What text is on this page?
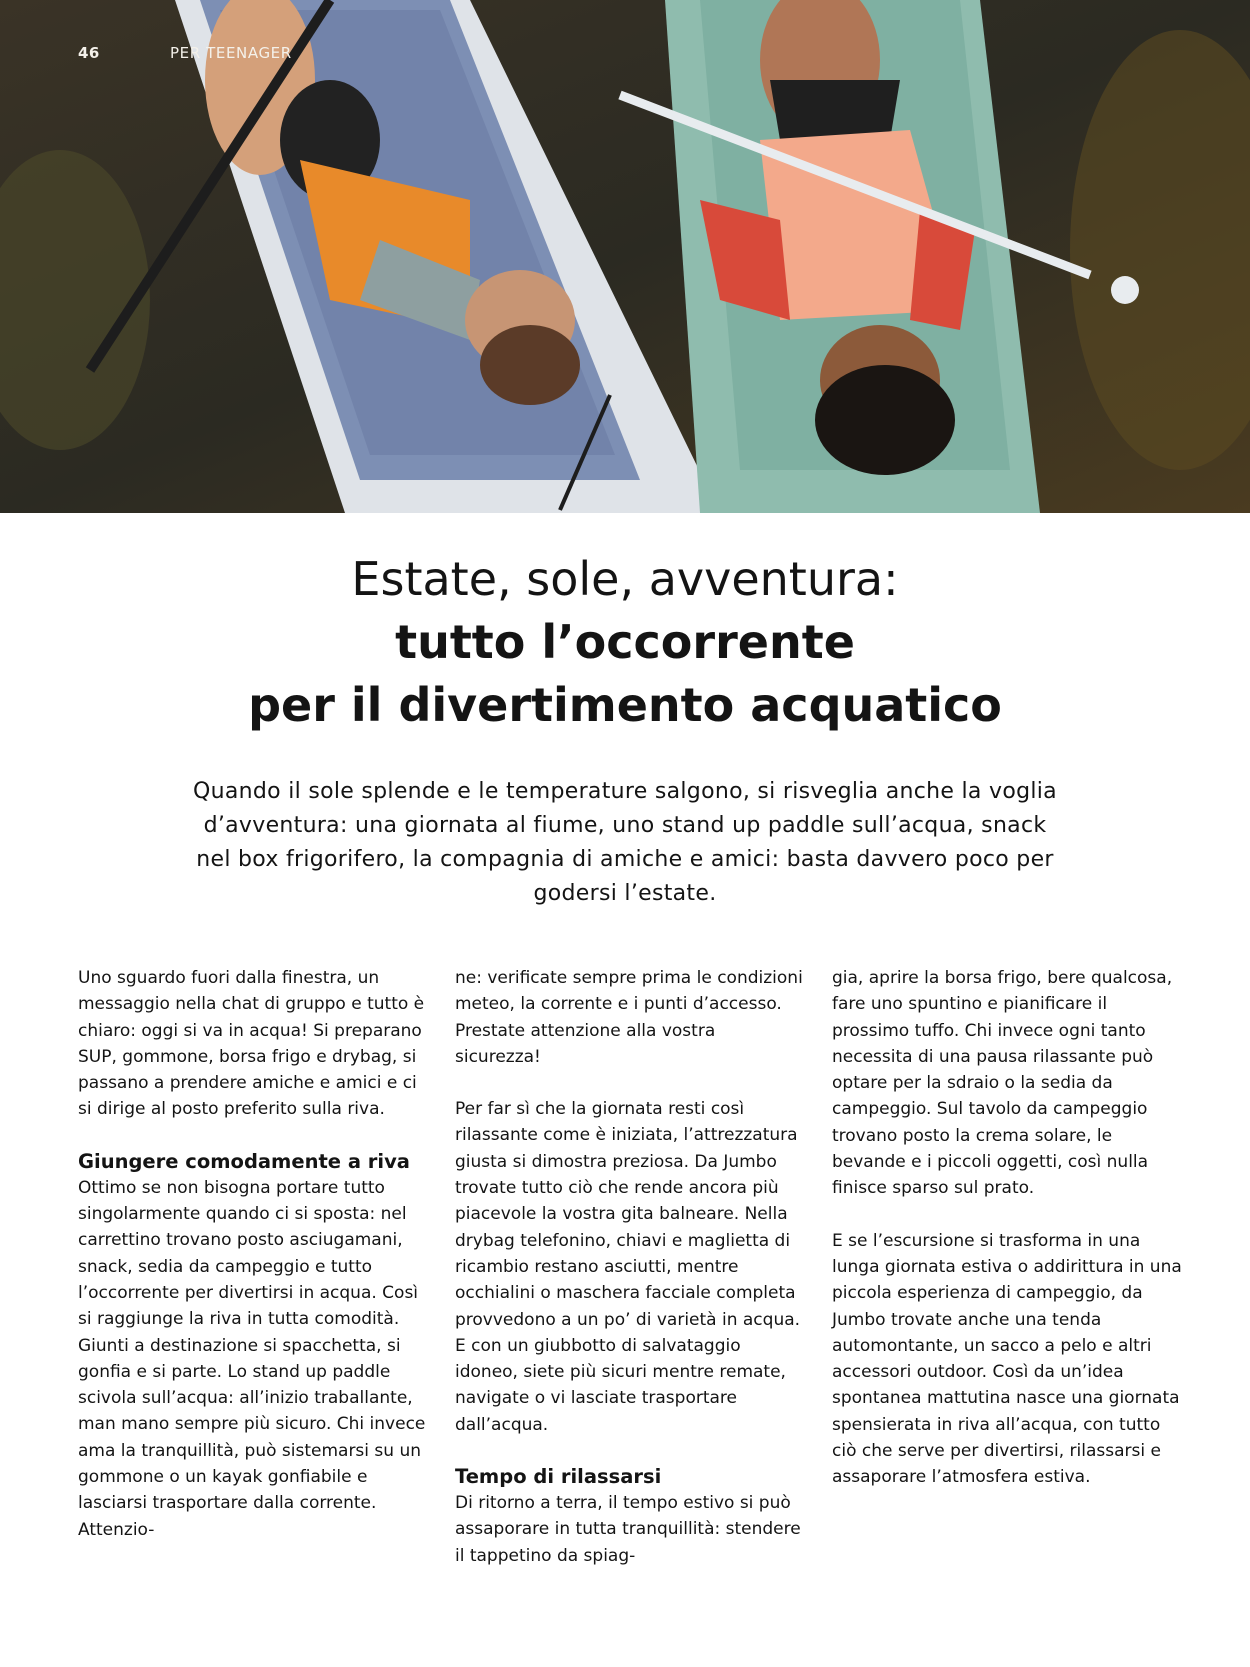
46	PER TEENAGER
Estate, sole, avventura:
tutto l’occorrente
per il divertimento acquatico
Quando il sole splende e le temperature salgono, si risveglia anche la voglia d’avventura: una giornata al fiume, uno stand up paddle sull’acqua, snack nel box frigorifero, la compagnia di amiche e amici: basta davvero poco per godersi l’estate.

Uno sguardo fuori dalla finestra, un messaggio nella chat di gruppo e tutto è chiaro: oggi si va in acqua! Si preparano SUP, gommone, borsa frigo e drybag, si passano a prendere amiche e amici e ci si dirige al posto preferito sulla riva.

Giungere comodamente a riva

Ottimo se non bisogna portare tutto singolarmente quando ci si sposta: nel carrettino trovano posto asciugamani, snack, sedia da campeggio e tutto l’occorrente per divertirsi in acqua. Così si raggiunge la riva in tutta comodità. Giunti a destinazione si spacchetta, si gonfia e si parte. Lo stand up paddle scivola sull’acqua: all’inizio traballante, man mano sempre più sicuro. Chi invece ama la tranquillità, può sistemarsi su un gommone o un kayak gonfiabile e lasciarsi trasportare dalla corrente. Attenzio-

ne: verificate sempre prima le condizioni meteo, la corrente e i punti d’accesso. Prestate attenzione alla vostra sicurezza!

Per far sì che la giornata resti così rilassante come è iniziata, l’attrezzatura giusta si dimostra preziosa. Da Jumbo trovate tutto ciò che rende ancora più piacevole la vostra gita balneare. Nella drybag telefonino, chiavi e maglietta di ricambio restano asciutti, mentre occhialini o maschera facciale completa provvedono a un po’ di varietà in acqua. E con un giubbotto di salvataggio idoneo, siete più sicuri mentre remate, navigate o vi lasciate trasportare dall’acqua.

Tempo di rilassarsi

Di ritorno a terra, il tempo estivo si può assaporare in tutta tranquillità: stendere il tappetino da spiag-

gia, aprire la borsa frigo, bere qualcosa, fare uno spuntino e pianificare il prossimo tuffo. Chi invece ogni tanto necessita di una pausa rilassante può optare per la sdraio o la sedia da campeggio. Sul tavolo da campeggio trovano posto la crema solare, le bevande e i piccoli oggetti, così nulla finisce sparso sul prato.

E se l’escursione si trasforma in una lunga giornata estiva o addirittura in una piccola esperienza di campeggio, da Jumbo trovate anche una tenda automontante, un sacco a pelo e altri accessori outdoor. Così da un’idea spontanea mattutina nasce una giornata spensierata in riva all’acqua, con tutto ciò che serve per divertirsi, rilassarsi e assaporare l’atmosfera estiva.
